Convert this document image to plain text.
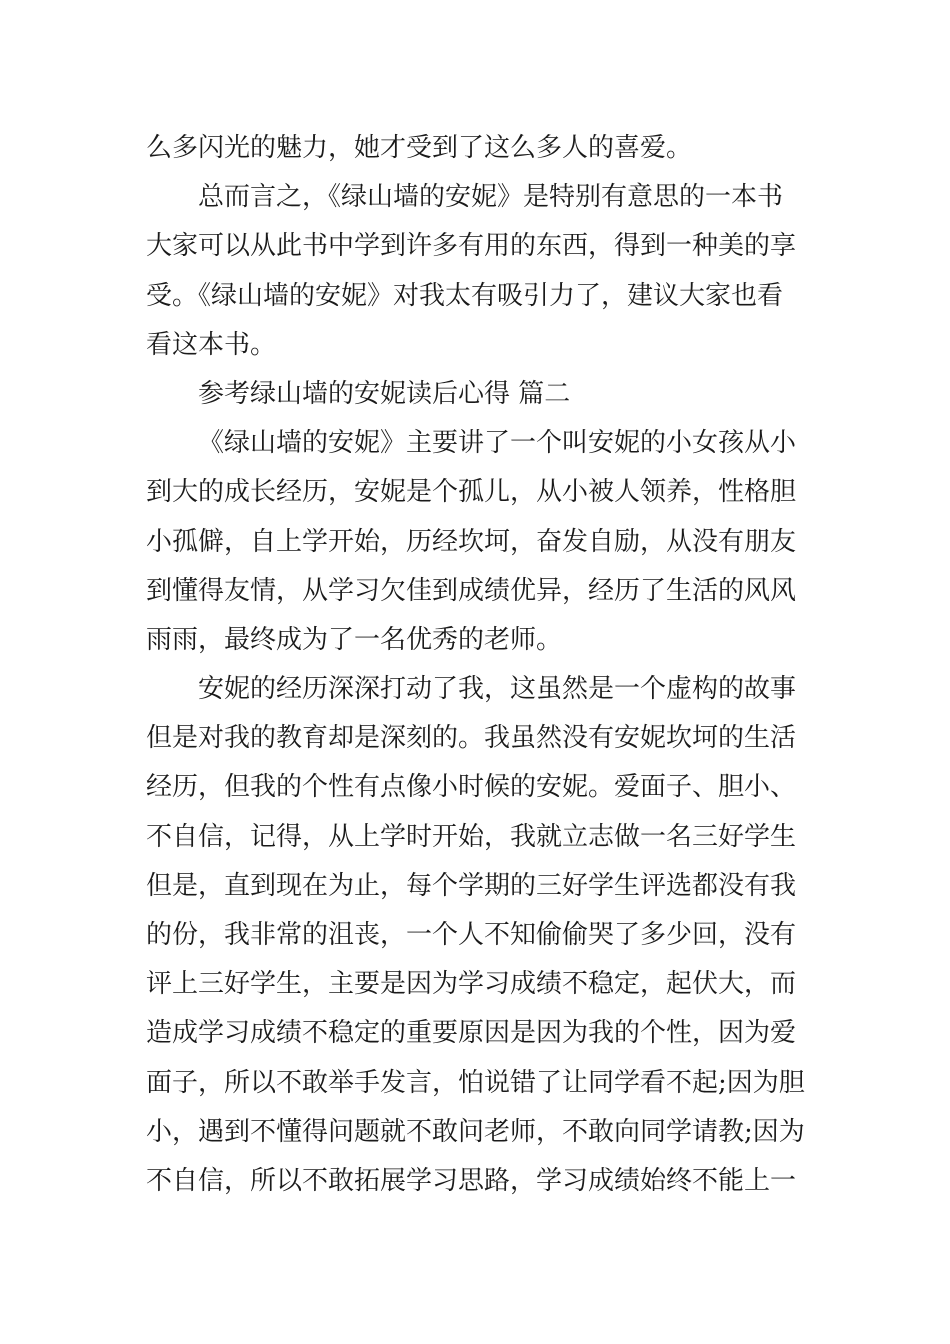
么多闪光的魅力，她才受到了这么多人的喜爱。
总而言之，《绿山墙的安妮》是特别有意思的一本书
大家可以从此书中学到许多有用的东西，得到一种美的享
受。《绿山墙的安妮》对我太有吸引力了，建议大家也看
看这本书。
参考绿山墙的安妮读后心得 篇二
《绿山墙的安妮》主要讲了一个叫安妮的小女孩从小
到大的成长经历，安妮是个孤儿，从小被人领养，性格胆
小孤僻，自上学开始，历经坎坷，奋发自励，从没有朋友
到懂得友情，从学习欠佳到成绩优异，经历了生活的风风
雨雨，最终成为了一名优秀的老师。
安妮的经历深深打动了我，这虽然是一个虚构的故事
但是对我的教育却是深刻的。我虽然没有安妮坎坷的生活
经历，但我的个性有点像小时候的安妮。爱面子、胆小、
不自信，记得，从上学时开始，我就立志做一名三好学生
但是，直到现在为止，每个学期的三好学生评选都没有我
的份，我非常的沮丧，一个人不知偷偷哭了多少回，没有
评上三好学生，主要是因为学习成绩不稳定，起伏大，而
造成学习成绩不稳定的重要原因是因为我的个性，因为爱
面子，所以不敢举手发言，怕说错了让同学看不起;因为胆
小，遇到不懂得问题就不敢问老师，不敢向同学请教;因为
不自信，所以不敢拓展学习思路，学习成绩始终不能上一
